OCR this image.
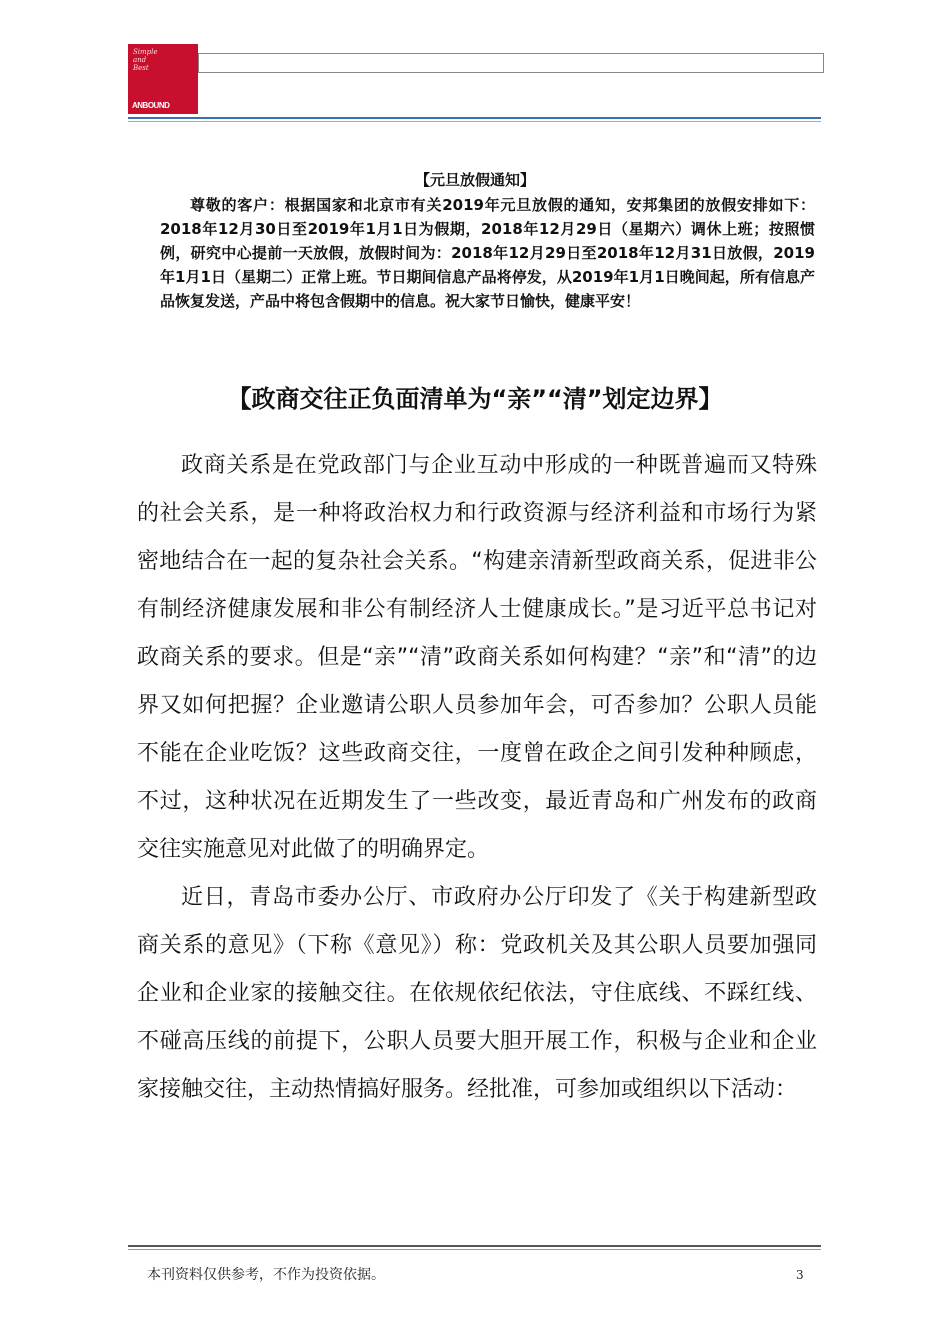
Simple
and
Best
ANBOUND
【元旦放假通知】
尊敬的客户：根据国家和北京市有关2019年元旦放假的通知，安邦集团的放假安排如下：2018年12月30日至2019年1月1日为假期，2018年12月29日（星期六）调休上班；按照惯例，研究中心提前一天放假，放假时间为：2018年12月29日至2018年12月31日放假，2019年1月1日（星期二）正常上班。节日期间信息产品将停发，从2019年1月1日晚间起，所有信息产品恢复发送，产品中将包含假期中的信息。祝大家节日愉快，健康平安！
【政商交往正负面清单为“亲”“清”划定边界】

政商关系是在党政部门与企业互动中形成的一种既普遍而又特殊的社会关系，是一种将政治权力和行政资源与经济利益和市场行为紧密地结合在一起的复杂社会关系。“构建亲清新型政商关系，促进非公有制经济健康发展和非公有制经济人士健康成长。”是习近平总书记对政商关系的要求。但是“亲”“清”政商关系如何构建？“亲”和“清”的边界又如何把握？企业邀请公职人员参加年会，可否参加？公职人员能不能在企业吃饭？这些政商交往，一度曾在政企之间引发种种顾虑，不过，这种状况在近期发生了一些改变，最近青岛和广州发布的政商交往实施意见对此做了的明确界定。

近日，青岛市委办公厅、市政府办公厅印发了《关于构建新型政商关系的意见》（下称《意见》）称：党政机关及其公职人员要加强同企业和企业家的接触交往。在依规依纪依法，守住底线、不踩红线、不碰高压线的前提下，公职人员要大胆开展工作，积极与企业和企业家接触交往，主动热情搞好服务。经批准，可参加或组织以下活动：

本刊资料仅供参考，不作为投资依据。	3
